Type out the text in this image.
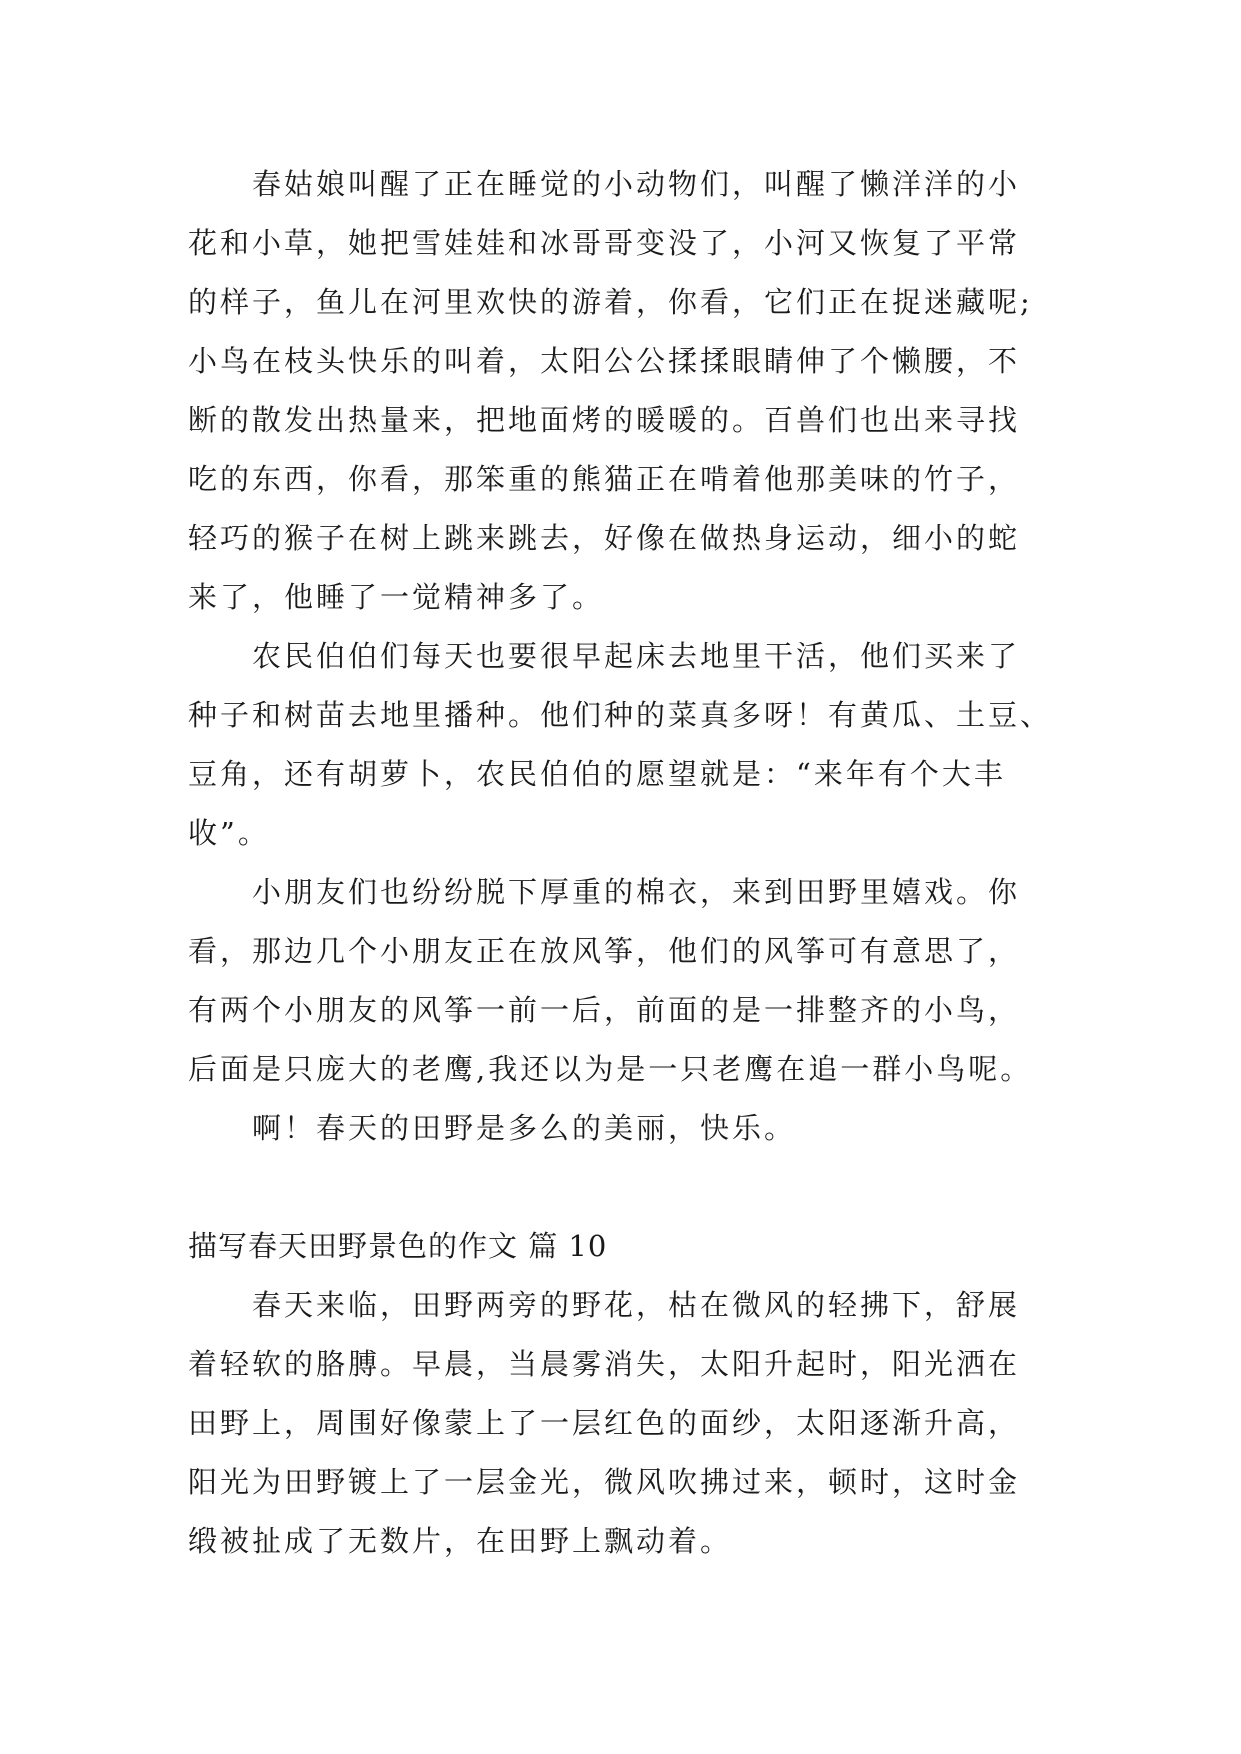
春姑娘叫醒了正在睡觉的小动物们，叫醒了懒洋洋的小
花和小草，她把雪娃娃和冰哥哥变没了，小河又恢复了平常
的样子，鱼儿在河里欢快的游着，你看，它们正在捉迷藏呢;
小鸟在枝头快乐的叫着，太阳公公揉揉眼睛伸了个懒腰，不
断的散发出热量来，把地面烤的暖暖的。百兽们也出来寻找
吃的东西，你看，那笨重的熊猫正在啃着他那美味的竹子，
轻巧的猴子在树上跳来跳去，好像在做热身运动，细小的蛇
来了，他睡了一觉精神多了。
农民伯伯们每天也要很早起床去地里干活，他们买来了
种子和树苗去地里播种。他们种的菜真多呀！有黄瓜、土豆、
豆角，还有胡萝卜，农民伯伯的愿望就是：“来年有个大丰
收”。
小朋友们也纷纷脱下厚重的棉衣，来到田野里嬉戏。你
看，那边几个小朋友正在放风筝，他们的风筝可有意思了，
有两个小朋友的风筝一前一后，前面的是一排整齐的小鸟，
后面是只庞大的老鹰,我还以为是一只老鹰在追一群小鸟呢。
啊！春天的田野是多么的美丽，快乐。
描写春天田野景色的作文 篇 10
春天来临，田野两旁的野花，枯在微风的轻拂下，舒展
着轻软的胳膊。早晨，当晨雾消失，太阳升起时，阳光洒在
田野上，周围好像蒙上了一层红色的面纱，太阳逐渐升高，
阳光为田野镀上了一层金光，微风吹拂过来，顿时，这时金
缎被扯成了无数片，在田野上飘动着。
